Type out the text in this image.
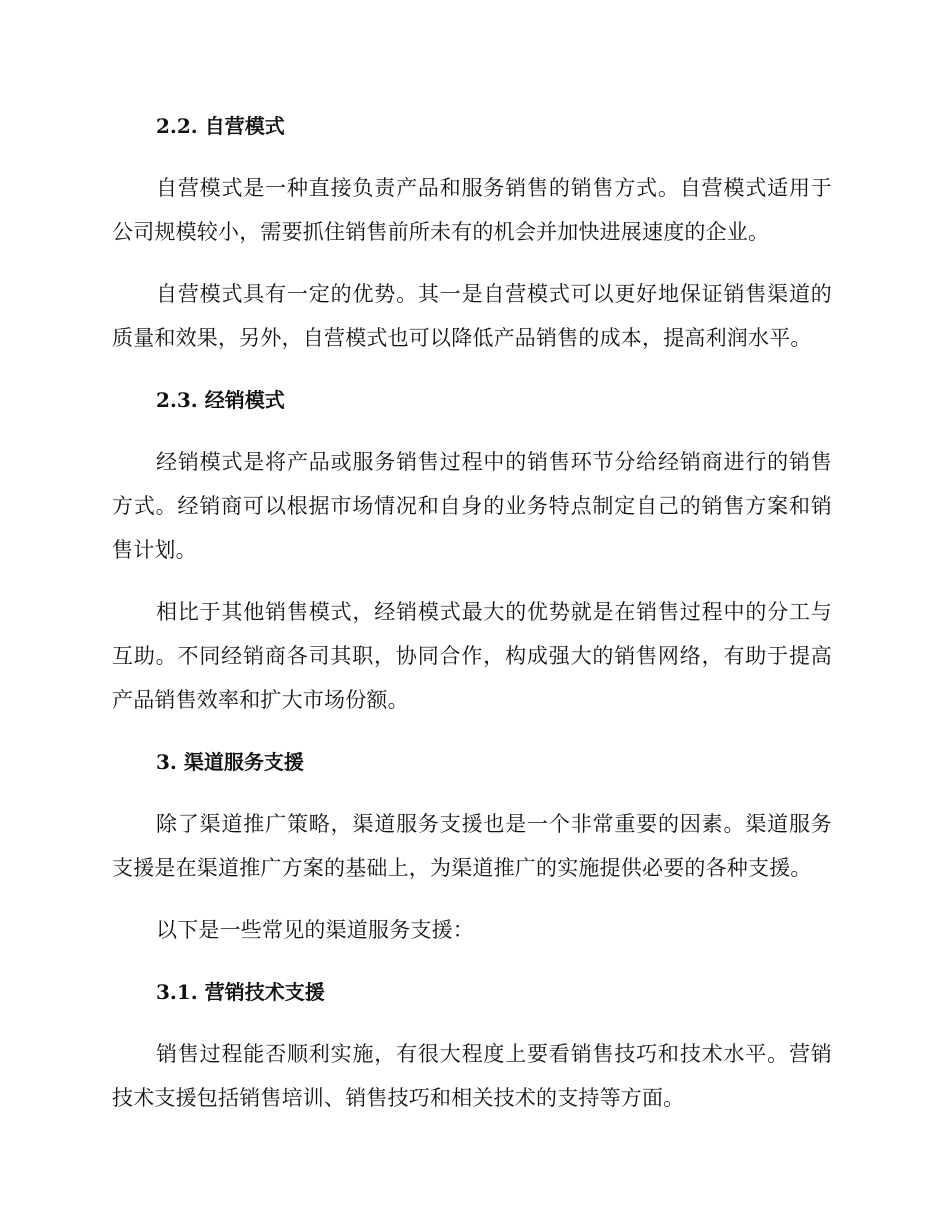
2.2. 自营模式

自营模式是一种直接负责产品和服务销售的销售方式。自营模式适用于公司规模较小，需要抓住销售前所未有的机会并加快进展速度的企业。

自营模式具有一定的优势。其一是自营模式可以更好地保证销售渠道的质量和效果，另外，自营模式也可以降低产品销售的成本，提高利润水平。

2.3. 经销模式

经销模式是将产品或服务销售过程中的销售环节分给经销商进行的销售方式。经销商可以根据市场情况和自身的业务特点制定自己的销售方案和销售计划。

相比于其他销售模式，经销模式最大的优势就是在销售过程中的分工与互助。不同经销商各司其职，协同合作，构成强大的销售网络，有助于提高产品销售效率和扩大市场份额。

3. 渠道服务支援

除了渠道推广策略，渠道服务支援也是一个非常重要的因素。渠道服务支援是在渠道推广方案的基础上，为渠道推广的实施提供必要的各种支援。

以下是一些常见的渠道服务支援：

3.1. 营销技术支援

销售过程能否顺利实施，有很大程度上要看销售技巧和技术水平。营销技术支援包括销售培训、销售技巧和相关技术的支持等方面。
